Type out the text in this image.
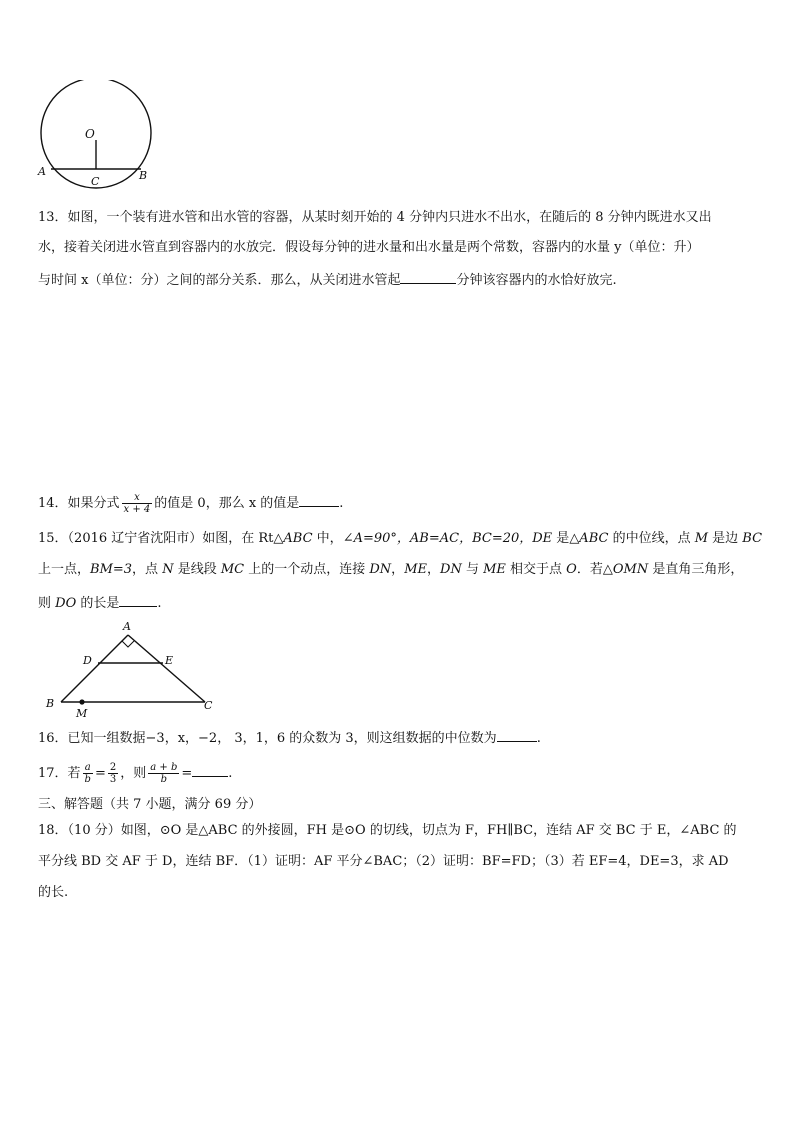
O
A	B
C
13．如图，一个装有进水管和出水管的容器，从某时刻开始的 4 分钟内只进水不出水，在随后的 8 分钟内既进水又出
水，接着关闭进水管直到容器内的水放完．假设每分钟的进水量和出水量是两个常数，容器内的水量 y（单位：升）
与时间 x（单位：分）之间的部分关系．那么，从关闭进水管起	分钟该容器内的水恰好放完.
14．如果分式 $\frac{x}{x + 4}$ 的值是 0，那么 x 的值是	.
15．（2016 辽宁省沈阳市）如图，在 Rt△ABC 中，∠A=90°，AB=AC，BC=20，DE 是△ABC 的中位线，点 M 是边 BC
上一点，BM=3，点 N 是线段 MC 上的一个动点，连接 DN，ME，DN 与 ME 相交于点 O．若△OMN 是直角三角形，
则 DO 的长是	.
A
B	C
D	E
M
16．已知一组数据−3，x，−2， 3，1，6 的众数为 3，则这组数据的中位数为	.
17．若 $\frac{a}{b} = \frac{2}{3}$ ，则 $\frac{a + b}{b}$ =	.
三、解答题（共 7 小题，满分 69 分）
18．（10 分）如图，⊙O 是△ABC 的外接圆，FH 是⊙O 的切线，切点为 F，FH∥BC，连结 AF 交 BC 于 E，∠ABC 的
平分线 BD 交 AF 于 D，连结 BF．（1）证明：AF 平分∠BAC；（2）证明：BF=FD；（3）若 EF=4，DE=3，求 AD
的长.
